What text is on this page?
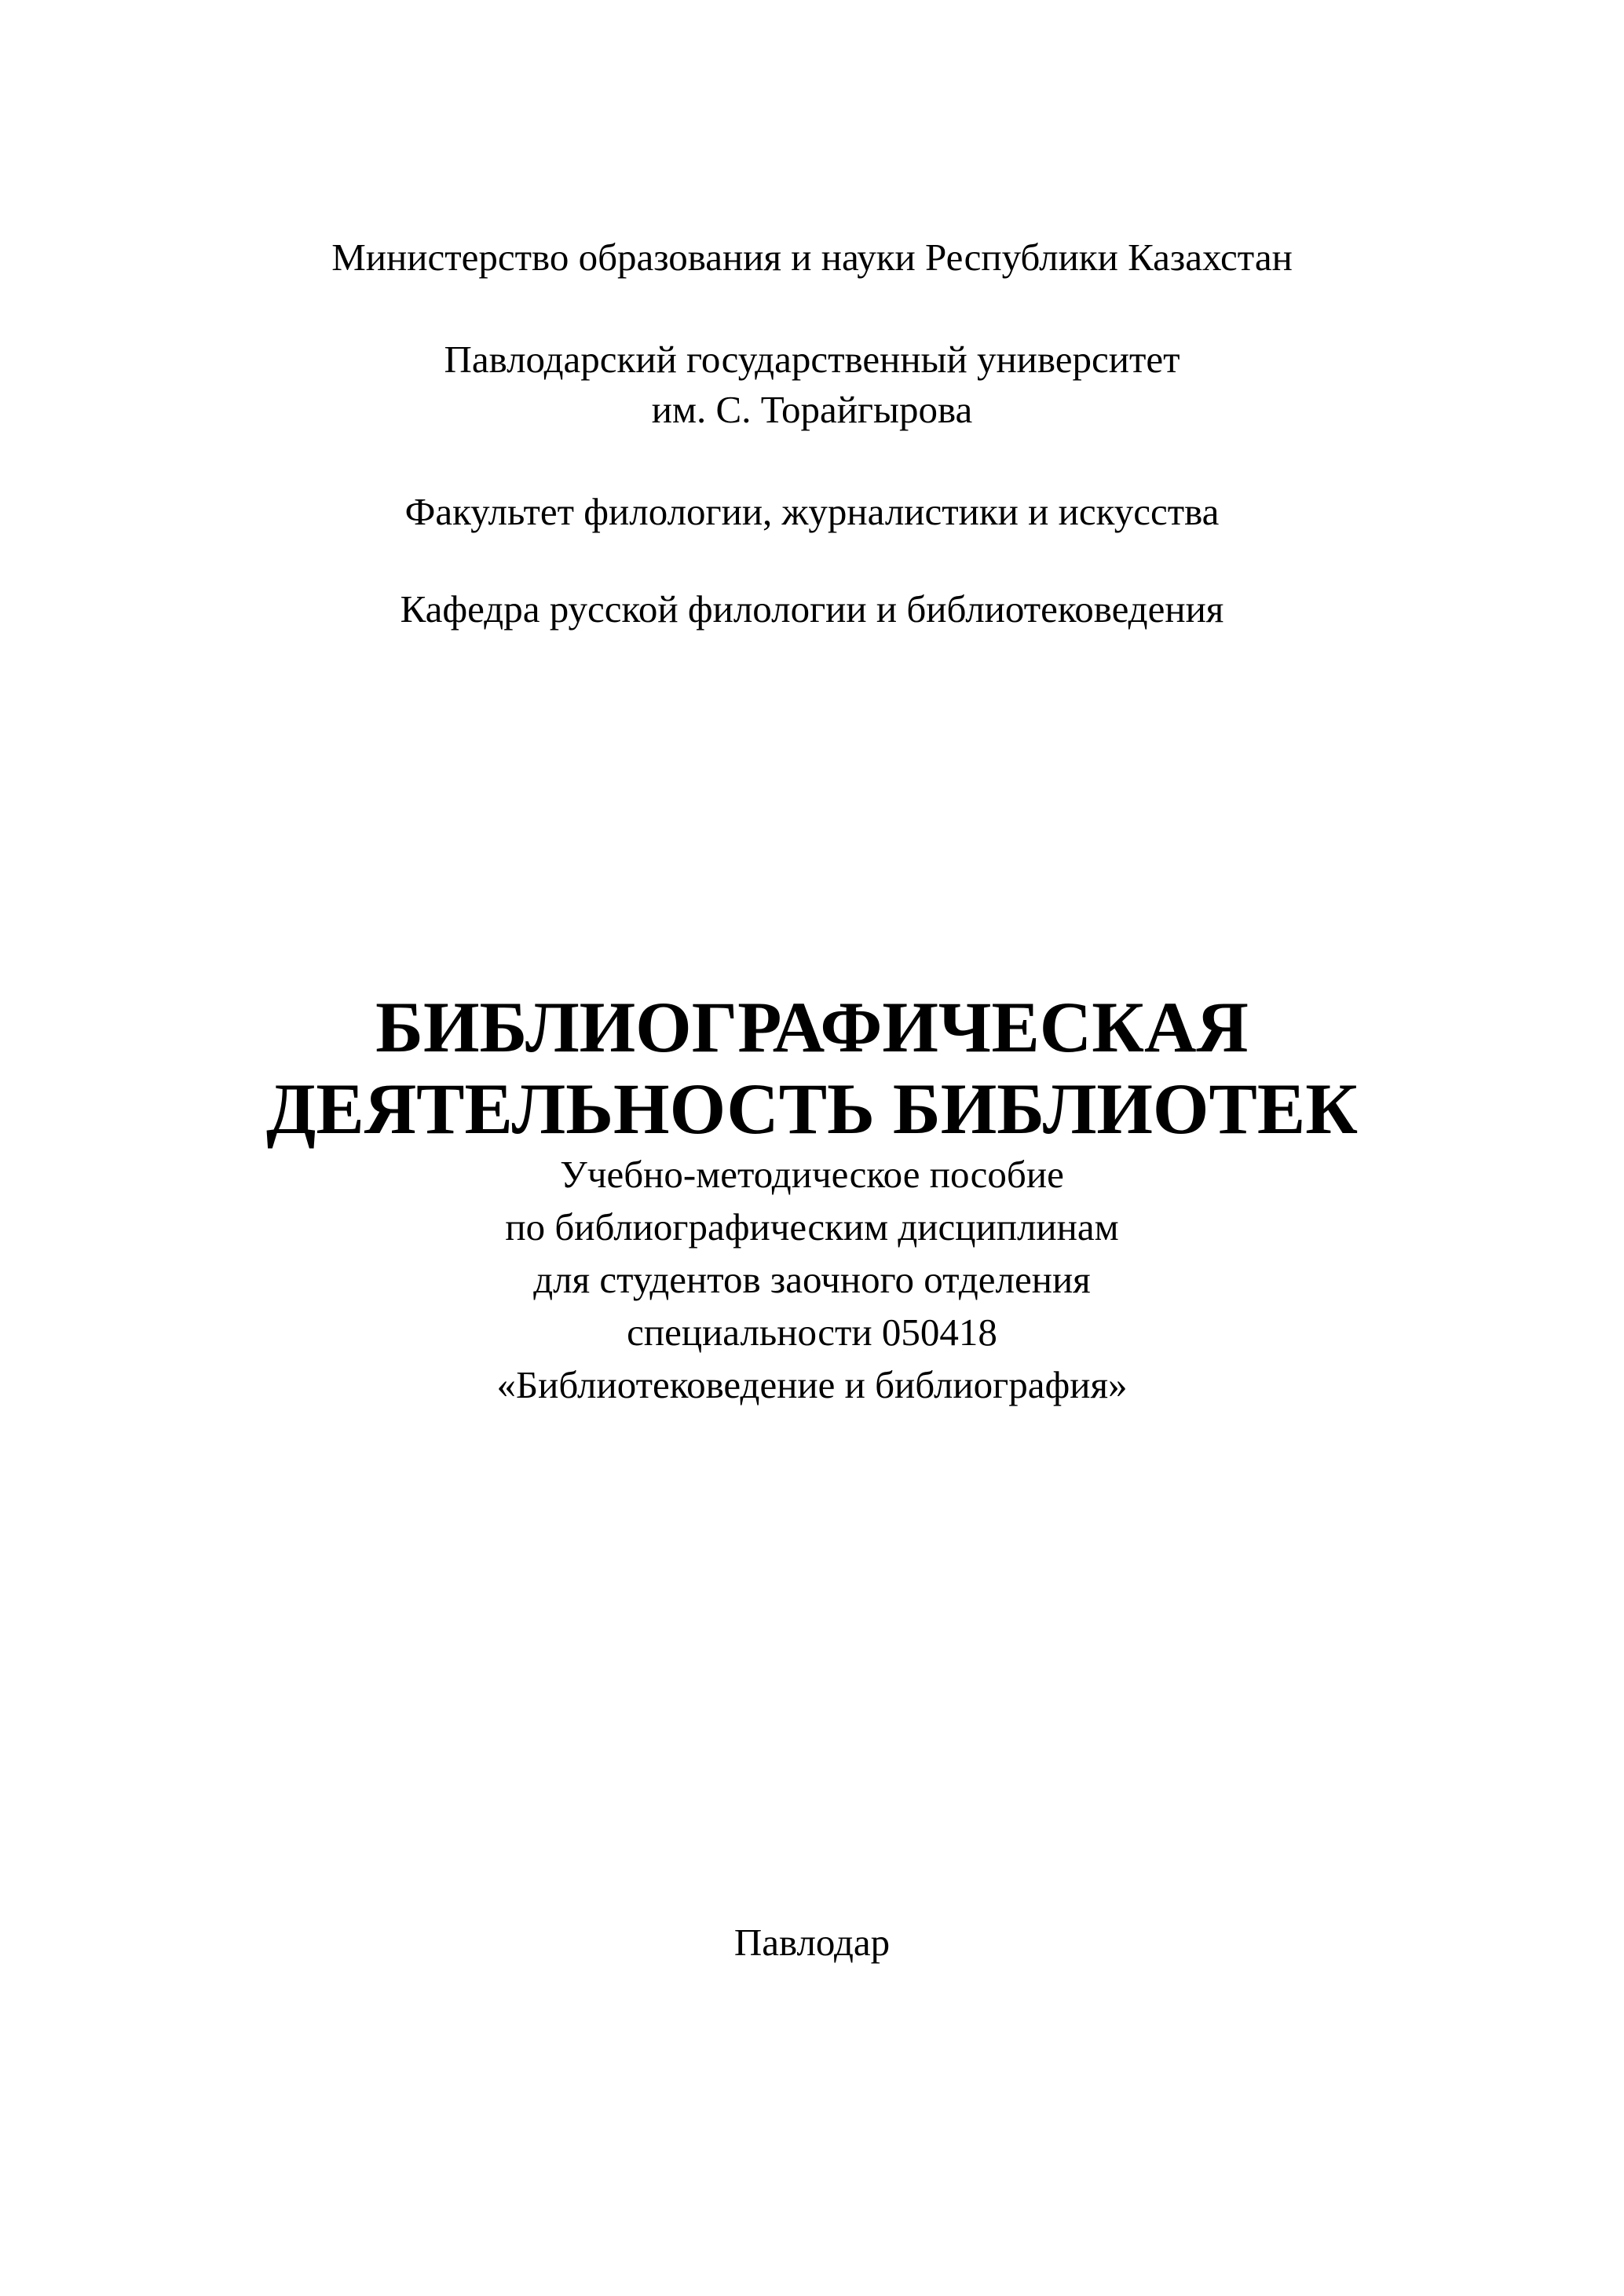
Министерство образования и науки Республики Казахстан
Павлодарский государственный университет
им. С. Торайгырова
Факультет филологии, журналистики и искусства
Кафедра русской филологии и библиотековедения
БИБЛИОГРАФИЧЕСКАЯ
ДЕЯТЕЛЬНОСТЬ БИБЛИОТЕК
Учебно-методическое пособие
по библиографическим дисциплинам
для студентов заочного отделения
специальности 050418
«Библиотековедение и библиография»
Павлодар
